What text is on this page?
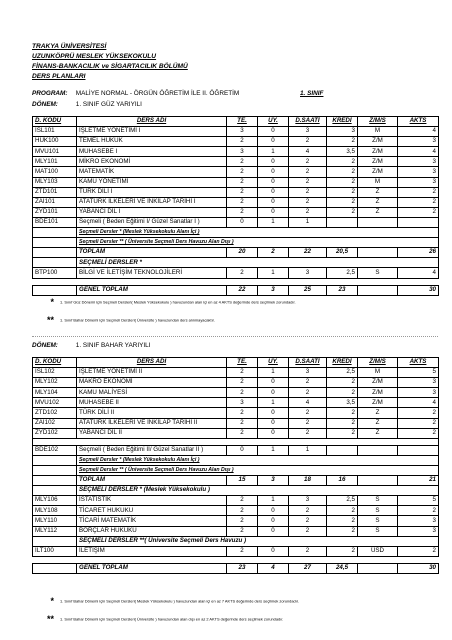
TRAKYA ÜNİVERSİTESİ
UZUNKÖPRÜ MESLEK YÜKSEKOKULU
FİNANS-BANKACILIK ve SİGARTACILIK BÖLÜMÜ
DERS PLANLARI
PROGRAM: MALİYE NORMAL - ÖRGÜN ÖĞRETİM İLE II. ÖĞRETİM	1. SINIF
DÖNEM:	1. SINIF GÜZ YARIYILI
D. KODU	DERS ADI	TE.	UY.	D.SAATİ	KREDİ	Z/M/S	AKTS
ISL101	İŞLETME YÖNETİMİ I	3	0	3	3	M	4
HUK100	TEMEL HUKUK	2	0	2	2	Z/M	3
MVU101	MUHASEBE I	3	1	4	3,5	Z/M	4
MLY101	MİKRO EKONOMİ	2	0	2	2	Z/M	3
MAT100	MATEMATİK	2	0	2	2	Z/M	3
MLY103	KAMU YÖNETİMİ	2	0	2	2	M	3
ZTD101	TÜRK DİLİ I	2	0	2	2	Z	2
ZAI101	ATATÜRK İLKELERİ VE İNKİLAP TARİHİ I	2	0	2	2	Z	2
ZYD101	YABANCI DİL I	2	0	2	2	Z	2
BDE101	Seçmeli ( Beden Eğitimi I/ Güzel Sanatlar I )	0	1	1			
	Seçmeli Dersler * (Meslek Yüksekokulu Alanı İçi )						
	Seçmeli Dersler ** ( Üniversite Seçmeli Ders Havuzu Alan Dışı )						
	TOPLAM	20	2	22	20,5		26
	SEÇMELİ DERSLER *						
BTP100	BİLGİ VE İLETİŞİM TEKNOLOJİLERİ	2	1	3	2,5	S	4

	GENEL TOPLAM	22	3	25	23		30
* 1. Sınıf Güz Dönemi için Seçmeli Dersleri( Meslek Yüksekokulu ) havuzundan alan içi en az 4 AKTS değerinde ders seçilmek zorundadır.
** 1. Sınıf Bahar Dönemi için Seçmeli Dersleri( Üniversite ) havuzundan ders alınmayacaktır.
DÖNEM:	1. SINIF BAHAR YARIYILI
D. KODU	DERS ADI	TE.	UY.	D.SAATİ	KREDİ	Z/M/S	AKTS
ISL102	İŞLETME YÖNETİMİ II	2	1	3	2,5	M	5
MLY102	MAKRO EKONOMİ	2	0	2	2	Z/M	3
MLY104	KAMU MALİYESİ	2	0	2	2	Z/M	3
MVU102	MUHASEBE II	3	1	4	3,5	Z/M	4
ZTD102	TÜRK DİLİ II	2	0	2	2	Z	2
ZAI102	ATATÜRK İLKELERİ VE İNKİLAP TARİHİ II	2	0	2	2	Z	2
ZYD102	YABANCI DİL II	2	0	2	2	Z	2

BDE102	Seçmeli ( Beden Eğitimi II/ Güzel Sanatlar II )	0	1	1			
	Seçmeli Dersler * (Meslek Yüksekokulu Alanı İçi )						
	Seçmeli Dersler ** ( Üniversite Seçmeli Ders Havuzu Alan Dışı )						
	TOPLAM	15	3	18	16		21
	SEÇMELİ DERSLER * (Meslek Yüksekokulu )						
MLY106	İSTATİSTİK	2	1	3	2,5	S	5
MLY108	TİCARET HUKUKU	2	0	2	2	S	2
MLY110	TİCARİ MATEMATİK	2	0	2	2	S	3
MLY112	BORÇLAR HUKUKU	2	0	2	2	S	3
	SEÇMELİ DERSLER **( Üniversite Seçmeli Ders Havuzu )						
ILT100	İLETİŞİM	2	0	2	2	ÜSD	2

	GENEL TOPLAM	23	4	27	24,5		30
* 1. Sınıf Bahar Dönemi için Seçmeli Dersleri( Meslek Yüksekokulu ) havuzundan alan içi en az 7 AKTS değerinde ders seçilmek zorundadır.
** 1. Sınıf Bahar Dönemi için Seçmeli Dersleri( Üniversite ) havuzundan alan dışı en az 2 AKTS değerinde ders seçilmek zorundadır.
